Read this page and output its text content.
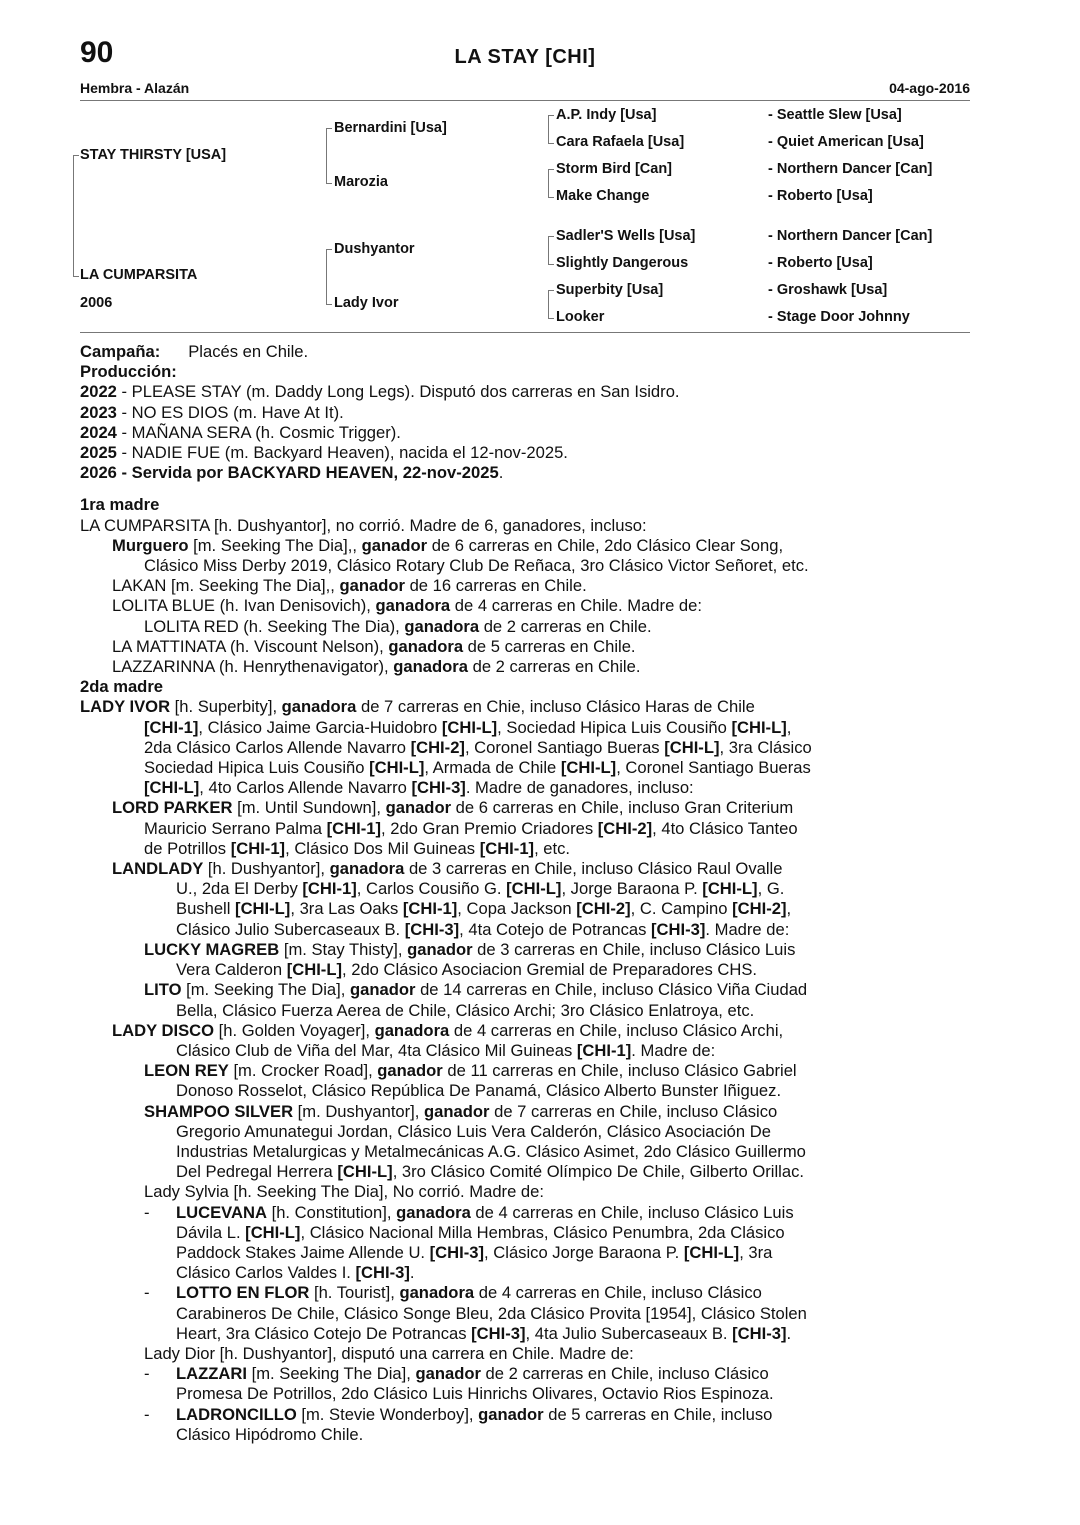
90	LA STAY [CHI]
Hembra - Alazán	04-ago-2016
STAY THIRSTY [USA]
LA CUMPARSITA
2006
Bernardini [Usa]
Marozia
Dushyantor
Lady Ivor
A.P. Indy [Usa]
Cara Rafaela [Usa]
Storm Bird [Can]
Make Change
Sadler'S Wells [Usa]
Slightly Dangerous
Superbity [Usa]
Looker
- Seattle Slew [Usa]
- Quiet American [Usa]
- Northern Dancer [Can]
- Roberto [Usa]
- Northern Dancer [Can]
- Roberto [Usa]
- Groshawk [Usa]
- Stage Door Johnny

Campaña: Placés en Chile.

Producción:

2022 - PLEASE STAY (m. Daddy Long Legs). Disputó dos carreras en San Isidro.

2023 - NO ES DIOS (m. Have At It).

2024 - MAÑANA SERA (h. Cosmic Trigger).

2025 - NADIE FUE (m. Backyard Heaven), nacida el 12-nov-2025.

2026 - Servida por BACKYARD HEAVEN, 22-nov-2025.

1ra madre

LA CUMPARSITA [h. Dushyantor], no corrió. Madre de 6, ganadores, incluso:

Murguero [m. Seeking The Dia],, ganador de 6 carreras en Chile, 2do Clásico Clear Song,
Clásico Miss Derby 2019, Clásico Rotary Club De Reñaca, 3ro Clásico Victor Señoret, etc.

LAKAN [m. Seeking The Dia],, ganador de 16 carreras en Chile.

LOLITA BLUE (h. Ivan Denisovich), ganadora de 4 carreras en Chile. Madre de:

LOLITA RED (h. Seeking The Dia), ganadora de 2 carreras en Chile.

LA MATTINATA (h. Viscount Nelson), ganadora de 5 carreras en Chile.

LAZZARINNA (h. Henrythenavigator), ganadora de 2 carreras en Chile.

2da madre

LADY IVOR [h. Superbity], ganadora de 7 carreras en Chie, incluso Clásico Haras de Chile

[CHI-1], Clásico Jaime Garcia-Huidobro [CHI-L], Sociedad Hipica Luis Cousiño [CHI-L],

2da Clásico Carlos Allende Navarro [CHI-2], Coronel Santiago Bueras [CHI-L], 3ra Clásico

Sociedad Hipica Luis Cousiño [CHI-L], Armada de Chile [CHI-L], Coronel Santiago Bueras

[CHI-L], 4to Carlos Allende Navarro [CHI-3]. Madre de ganadores, incluso:

LORD PARKER [m. Until Sundown], ganador de 6 carreras en Chile, incluso Gran Criterium

Mauricio Serrano Palma [CHI-1], 2do Gran Premio Criadores [CHI-2], 4to Clásico Tanteo

de Potrillos [CHI-1], Clásico Dos Mil Guineas [CHI-1], etc.

LANDLADY [h. Dushyantor], ganadora de 3 carreras en Chile, incluso Clásico Raul Ovalle

U., 2da El Derby [CHI-1], Carlos Cousiño G. [CHI-L], Jorge Baraona P. [CHI-L], G.

Bushell [CHI-L], 3ra Las Oaks [CHI-1], Copa Jackson [CHI-2], C. Campino [CHI-2],

Clásico Julio Subercaseaux B. [CHI-3], 4ta Cotejo de Potrancas [CHI-3]. Madre de:

LUCKY MAGREB [m. Stay Thisty], ganador de 3 carreras en Chile, incluso Clásico Luis

Vera Calderon [CHI-L], 2do Clásico Asociacion Gremial de Preparadores CHS.

LITO [m. Seeking The Dia], ganador de 14 carreras en Chile, incluso Clásico Viña Ciudad

Bella, Clásico Fuerza Aerea de Chile, Clásico Archi; 3ro Clásico Enlatroya, etc.

LADY DISCO [h. Golden Voyager], ganadora de 4 carreras en Chile, incluso Clásico Archi,

Clásico Club de Viña del Mar, 4ta Clásico Mil Guineas [CHI-1]. Madre de:

LEON REY [m. Crocker Road], ganador de 11 carreras en Chile, incluso Clásico Gabriel

Donoso Rosselot, Clásico República De Panamá, Clásico Alberto Bunster Iñiguez.

SHAMPOO SILVER [m. Dushyantor], ganador de 7 carreras en Chile, incluso Clásico

Gregorio Amunategui Jordan, Clásico Luis Vera Calderón, Clásico Asociación De

Industrias Metalurgicas y Metalmecánicas A.G. Clásico Asimet, 2do Clásico Guillermo

Del Pedregal Herrera [CHI-L], 3ro Clásico Comité Olímpico De Chile, Gilberto Orillac.

Lady Sylvia [h. Seeking The Dia], No corrió. Madre de:

- LUCEVANA [h. Constitution], ganadora de 4 carreras en Chile, incluso Clásico Luis

Dávila L. [CHI-L], Clásico Nacional Milla Hembras, Clásico Penumbra, 2da Clásico

Paddock Stakes Jaime Allende U. [CHI-3], Clásico Jorge Baraona P. [CHI-L], 3ra

Clásico Carlos Valdes I. [CHI-3].

- LOTTO EN FLOR [h. Tourist], ganadora de 4 carreras en Chile, incluso Clásico

Carabineros De Chile, Clásico Songe Bleu, 2da Clásico Provita [1954], Clásico Stolen

Heart, 3ra Clásico Cotejo De Potrancas [CHI-3], 4ta Julio Subercaseaux B. [CHI-3].

Lady Dior [h. Dushyantor], disputó una carrera en Chile. Madre de:

- LAZZARI [m. Seeking The Dia], ganador de 2 carreras en Chile, incluso Clásico

Promesa De Potrillos, 2do Clásico Luis Hinrichs Olivares, Octavio Rios Espinoza.

- LADRONCILLO [m. Stevie Wonderboy], ganador de 5 carreras en Chile, incluso

Clásico Hipódromo Chile.
